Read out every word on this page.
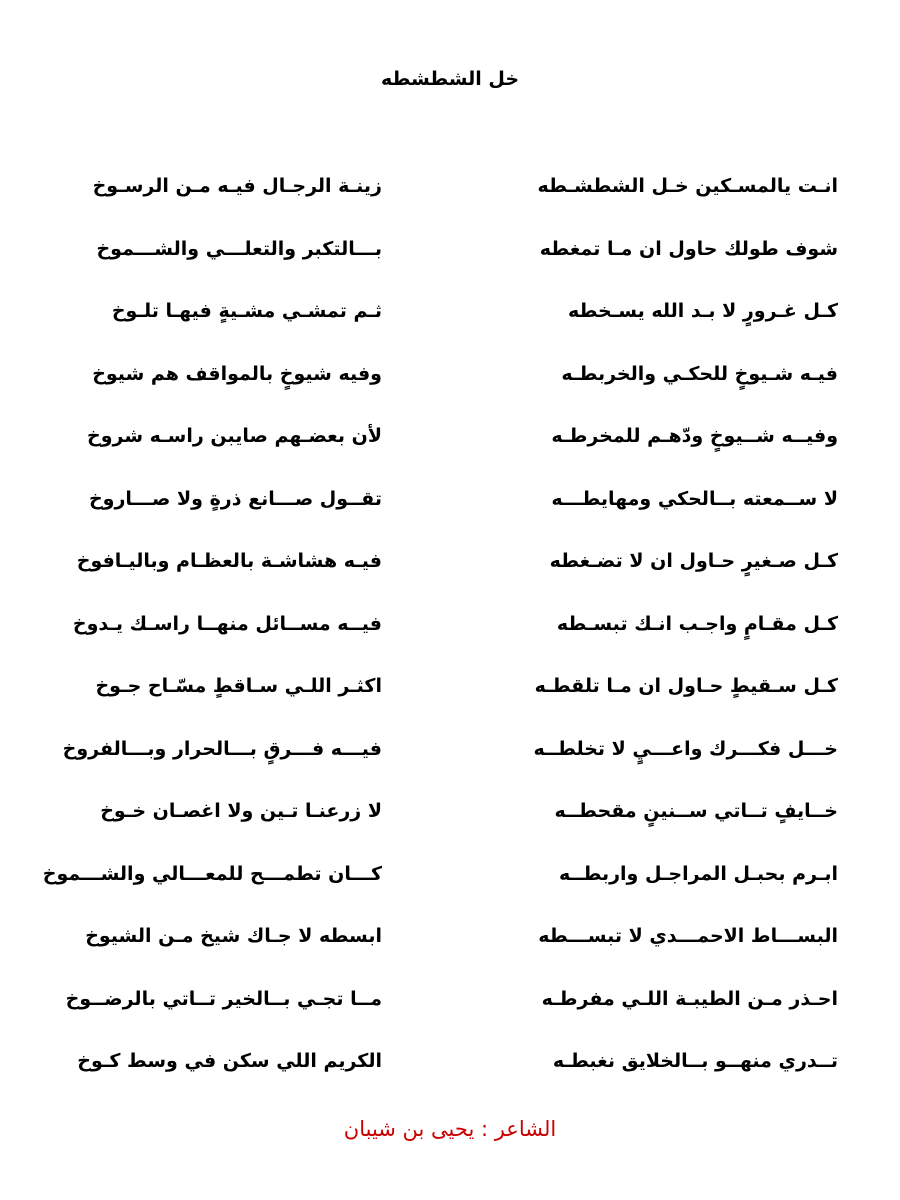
خل الشطشطه
انـت يالمسـكين خـل الشطشـطه
زينـة الرجـال فيـه مـن الرسـوخ
شوف طولك حاول ان مـا تمغطه
بـــالتكبر والتعلـــي والشـــموخ
كـل غـرورٍ لا بـد الله يسـخطه
ثـم تمشـي مشـيةٍ فيهـا تلـوخ
فيـه شـيوخٍ للحكـي والخربطـه
وفيه شيوخٍ بالمواقف هم شيوخ
وفيــه شــيوخٍ ودّهـم للمخرطـه
لأن بعضـهم صايبن راسـه شروخ
لا ســمعته بــالحكي ومهايطـــه
تقــول صـــانع ذرةٍ ولا صـــاروخ
كـل صـغيرٍ حـاول ان لا تضـغطه
فيـه هشاشـة بالعظـام وباليـافوخ
كـل مقـامٍ واجـب انـك تبسـطه
فيــه مســائل منهــا راسـك يـدوخ
كـل سـقيطٍ حـاول ان مـا تلقطـه
اكثـر اللـي سـاقطٍ مسّـاح جـوخ
خـــل فكـــرك واعـــيٍ لا تخلطــه
فيـــه فـــرقٍ بـــالحرار وبـــالفروخ
خــايفٍ تــاتي ســنينٍ مقحطــه
لا زرعنـا تـين ولا اغصـان خـوخ
ابـرم بحبـل المراجـل واربطــه
كـــان تطمـــح للمعـــالي والشـــموخ
البســـاط الاحمـــدي لا تبســـطه
ابسطه لا جـاك شيخ مـن الشيوخ
احـذر مـن الطيبـة اللـي مفرطـه
مــا تجـي بــالخير تــاتي بالرضــوخ
تــدري منهــو بــالخلايق نغبطـه
الكريم اللي سكن في وسط كـوخ
الشاعر : يحيى بن شيبان
